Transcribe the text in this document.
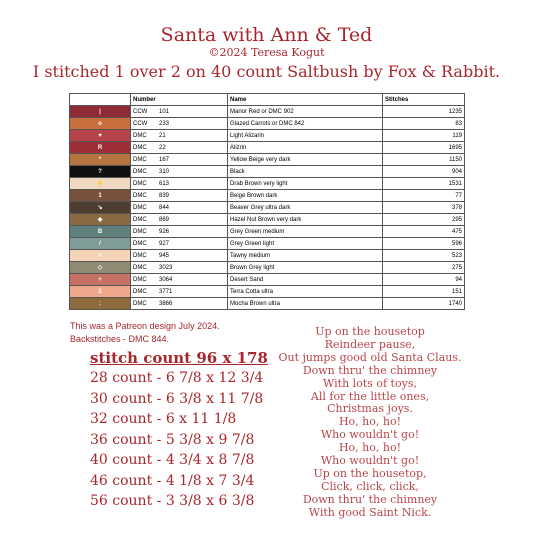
Santa with Ann & Ted
©2024 Teresa Kogut
I stitched 1 over 2 on 40 count Saltbush by Fox & Rabbit.
	Number	Name	Stitches
|	CCW 101	Manor Red or DMC 902	1235
o	CCW 233	Glazed Carrots or DMC 842	83
♥	DMC 21	Light Alizarin	119
R	DMC 22	Alizrin	1695
*	DMC 167	Yellow Beige very dark	1150
?	DMC 310	Black	904
⚡	DMC 613	Drab Brown very light	1531
1	DMC 839	Beige Brown dark	77
↘	DMC 844	Beaver Grey ultra dark	378
◆	DMC 869	Hazel Nut Brown very dark	295
B	DMC 926	Grey Green medium	475
/	DMC 927	Grey Green light	596
>	DMC 945	Tawny medium	523
◇	DMC 3023	Brown Grey light	275
+	DMC 3064	Desert Sand	94
2	DMC 3771	Terra Cotta ultra	151
:	DMC 3866	Mocha Brown ultra	1740
This was a Patreon design July 2024.
Backstitches - DMC 844.
stitch count 96 x 178
28 count - 6 7/8 x 12 3/4
30 count - 6 3/8 x 11 7/8
32 count - 6 x 11 1/8
36 count - 5 3/8 x 9 7/8
40 count - 4 3/4 x 8 7/8
46 count - 4 1/8 x 7 3/4
56 count - 3 3/8 x 6 3/8
Up on the housetop
Reindeer pause,
Out jumps good old Santa Claus.
Down thru' the chimney
With lots of toys,
All for the little ones,
Christmas joys.
Ho, ho, ho!
Who wouldn't go!
Ho, ho, ho!
Who wouldn't go!
Up on the housetop,
Click, click, click,
Down thru' the chimney
With good Saint Nick.
